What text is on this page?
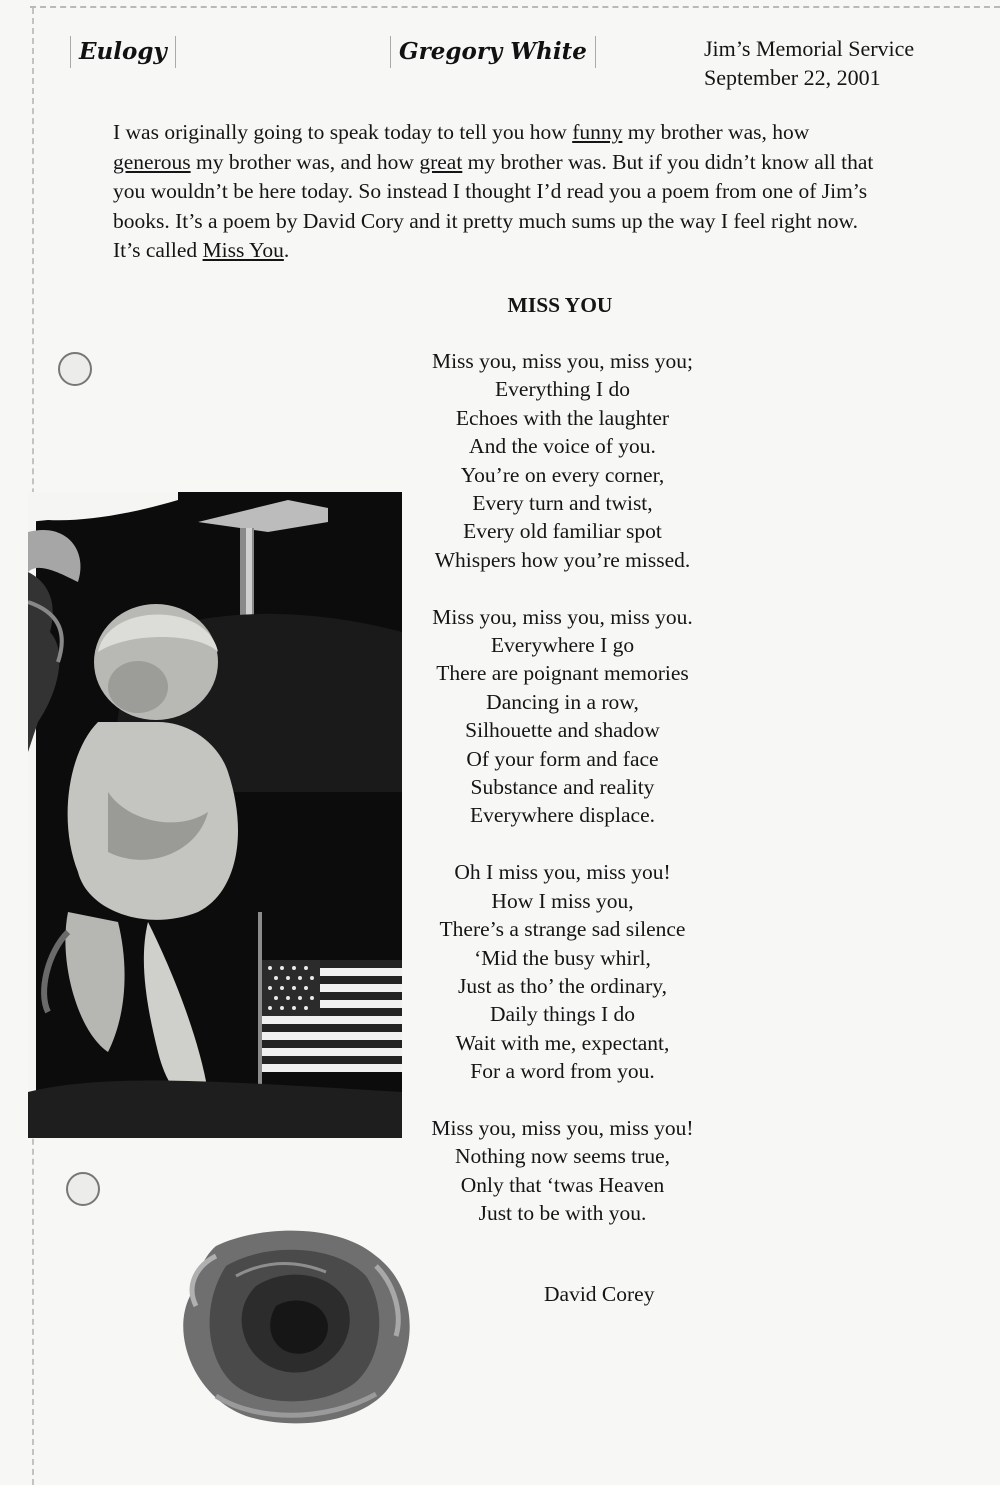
Eulogy	Gregory White	Jim’s Memorial Service
September 22, 2001
I was originally going to speak today to tell you how funny my brother was, how
generous my brother was, and how great my brother was. But if you didn’t know all that
you wouldn’t be here today. So instead I thought I’d read you a poem from one of Jim’s
books. It’s a poem by David Cory and it pretty much sums up the way I feel right now.
It’s called Miss You.
MISS YOU
Miss you, miss you, miss you;
Everything I do
Echoes with the laughter
And the voice of you.
You’re on every corner,
Every turn and twist,
Every old familiar spot
Whispers how you’re missed.
Miss you, miss you, miss you.
Everywhere I go
There are poignant memories
Dancing in a row,
Silhouette and shadow
Of your form and face
Substance and reality
Everywhere displace.
Oh I miss you, miss you!
How I miss you,
There’s a strange sad silence
‘Mid the busy whirl,
Just as tho’ the ordinary,
Daily things I do
Wait with me, expectant,
For a word from you.
Miss you, miss you, miss you!
Nothing now seems true,
Only that ‘twas Heaven
Just to be with you.
David Corey
